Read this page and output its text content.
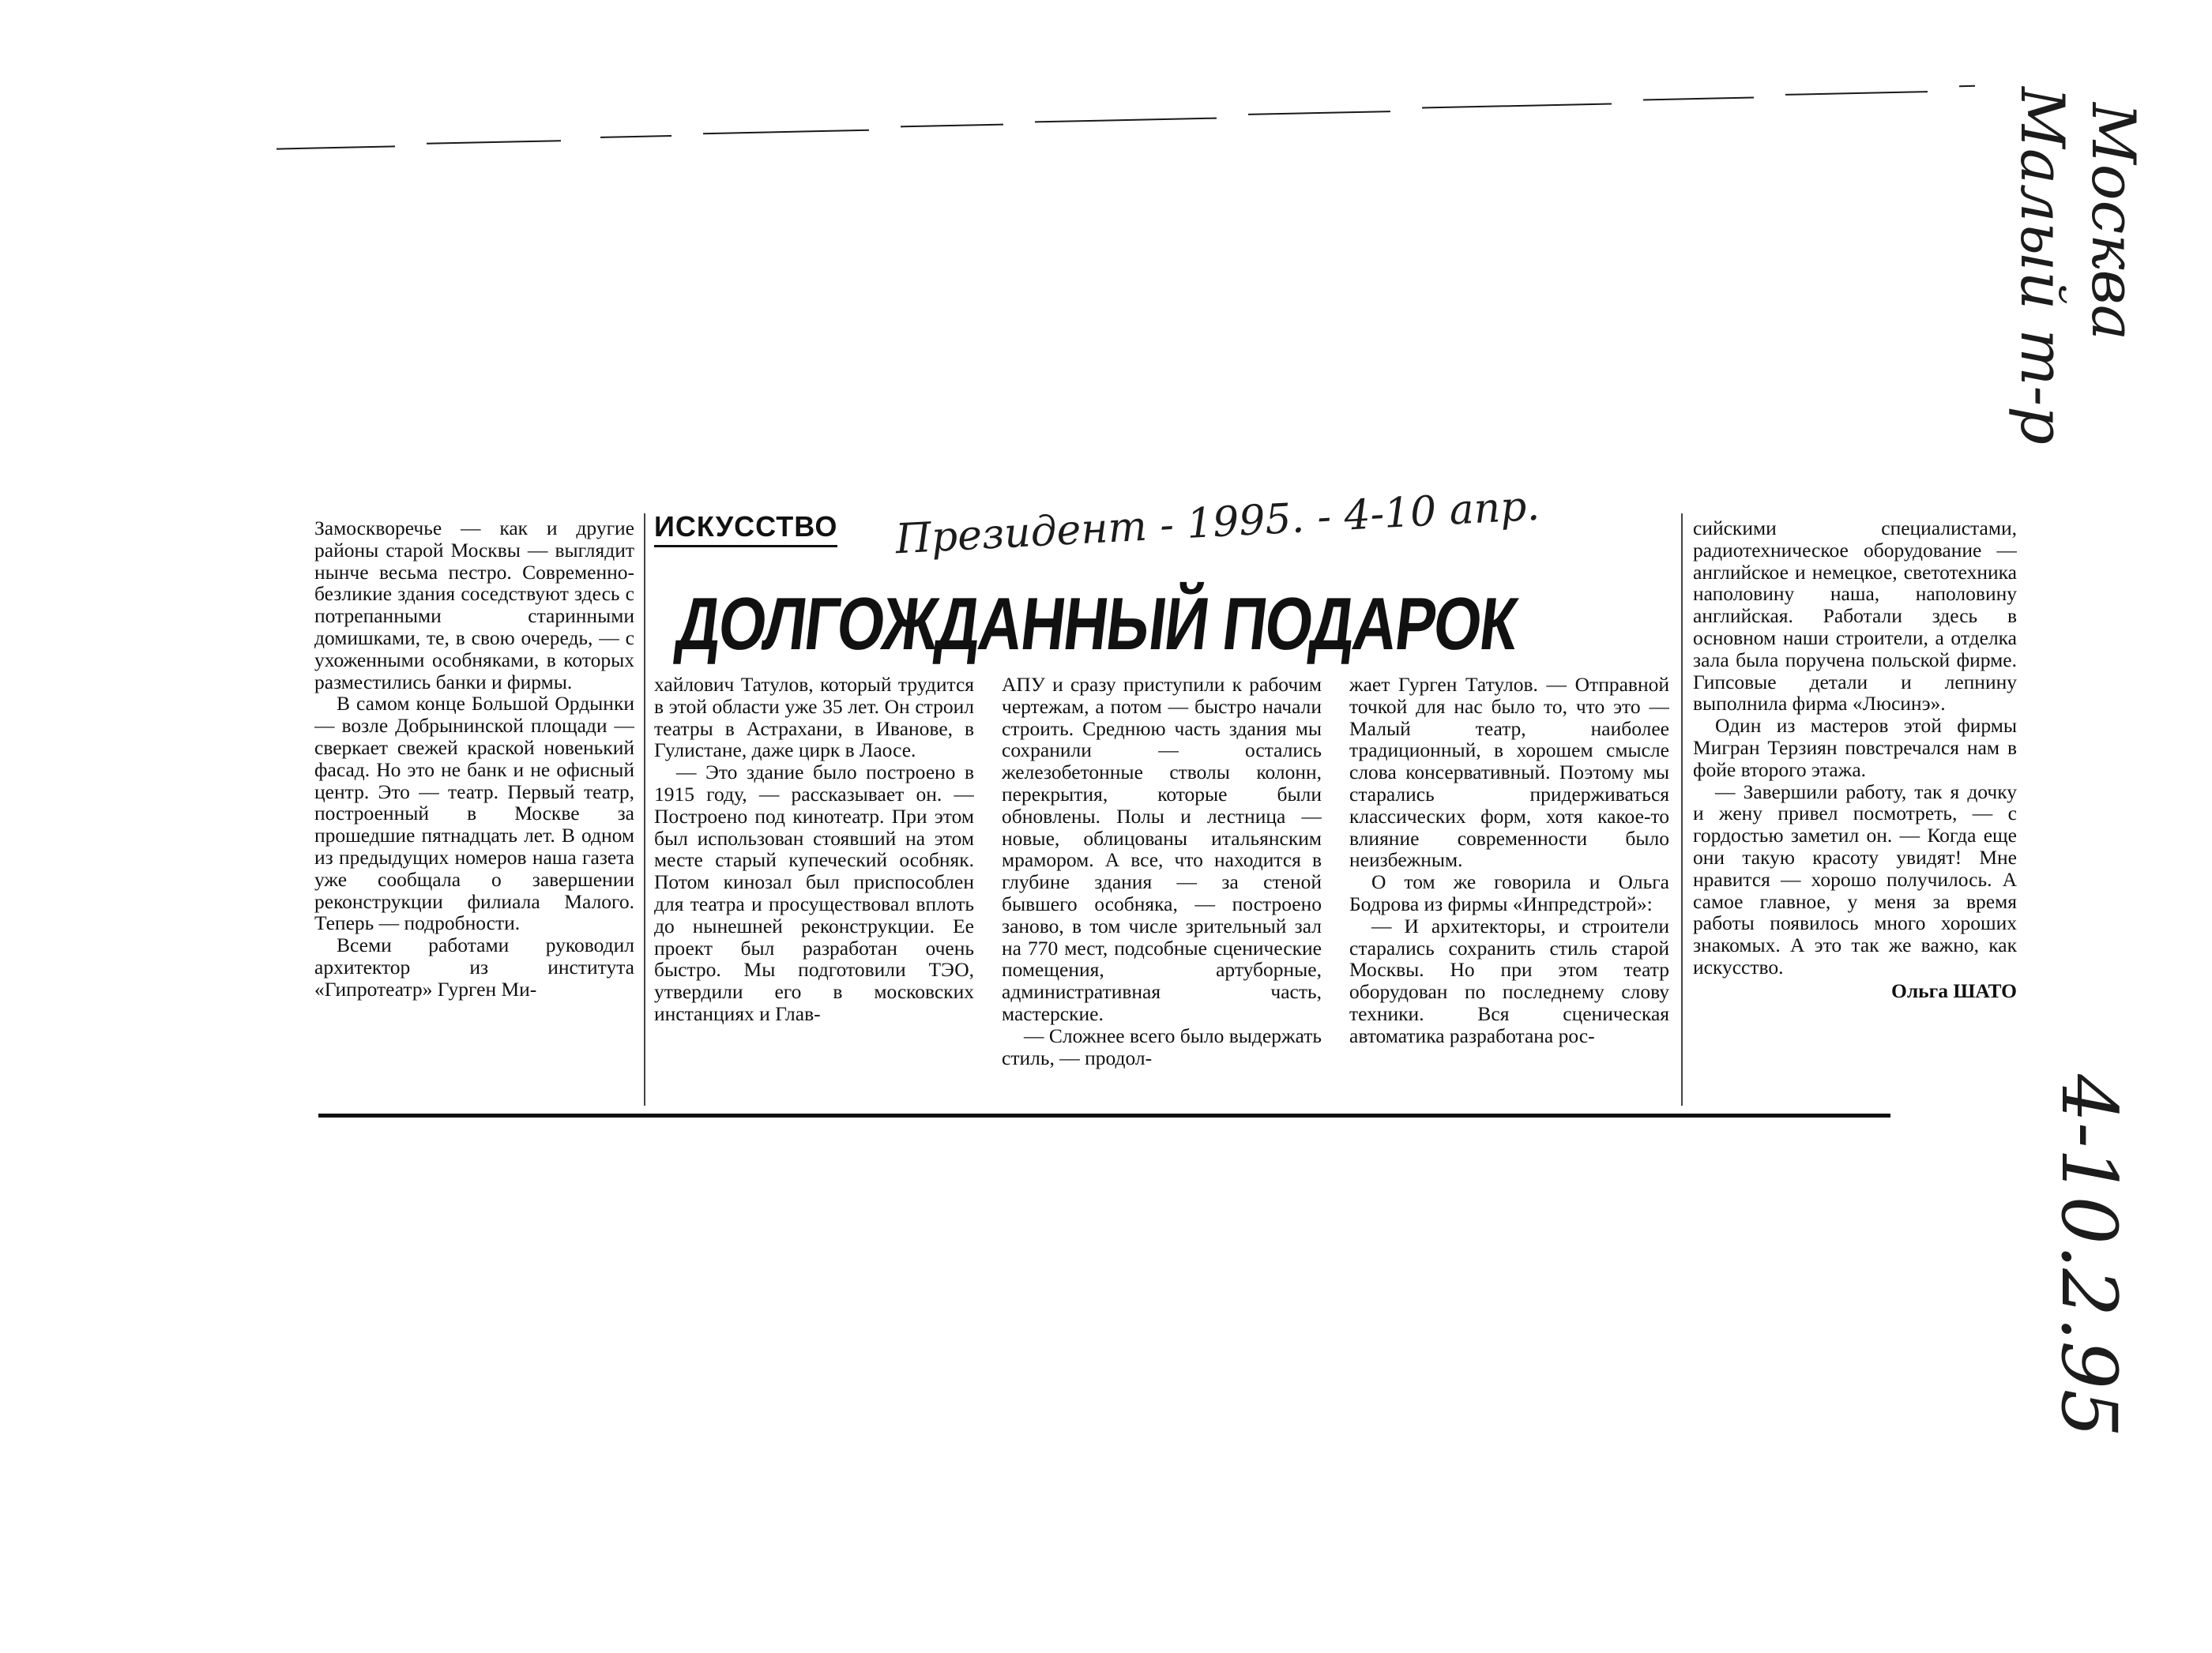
Москва
Малый т-р
4-10.2.95
ИСКУССТВО Президент - 1995. - 4-10 апр.
ДОЛГОЖДАННЫЙ ПОДАРОК

Замоскворечье — как и другие районы старой Москвы — выглядит нынче весьма пестро. Современно-безликие здания соседствуют здесь с потрепанными старинными домишками, те, в свою очередь, — с ухоженными особняками, в которых разместились банки и фирмы.

В самом конце Большой Ордынки — возле Добрынинской площади — сверкает свежей краской новенький фасад. Но это не банк и не офисный центр. Это — театр. Первый театр, построенный в Москве за прошедшие пятнадцать лет. В одном из предыдущих номеров наша газета уже сообщала о завершении реконструкции филиала Малого. Теперь — подробности.

Всеми работами руководил архитектор из института «Гипротеатр» Гурген Ми-

хайлович Татулов, который трудится в этой области уже 35 лет. Он строил театры в Астрахани, в Иванове, в Гулистане, даже цирк в Лаосе.

— Это здание было построено в 1915 году, — рассказывает он. — Построено под кинотеатр. При этом был использован стоявший на этом месте старый купеческий особняк. Потом кинозал был приспособлен для театра и просуществовал вплоть до нынешней реконструкции. Ее проект был разработан очень быстро. Мы подготовили ТЭО, утвердили его в московских инстанциях и Глав-

АПУ и сразу приступили к рабочим чертежам, а потом — быстро начали строить. Среднюю часть здания мы сохранили — остались железобетонные стволы колонн, перекрытия, которые были обновлены. Полы и лестница — новые, облицованы итальянским мрамором. А все, что находится в глубине здания — за стеной бывшего особняка, — построено заново, в том числе зрительный зал на 770 мест, подсобные сценические помещения, артуборные, административная часть, мастерские.

— Сложнее всего было выдержать стиль, — продол-

жает Гурген Татулов. — Отправной точкой для нас было то, что это — Малый театр, наиболее традиционный, в хорошем смысле слова консервативный. Поэтому мы старались придерживаться классических форм, хотя какое-то влияние современности было неизбежным.

О том же говорила и Ольга Бодрова из фирмы «Инпредстрой»:

— И архитекторы, и строители старались сохранить стиль старой Москвы. Но при этом театр оборудован по последнему слову техники. Вся сценическая автоматика разработана рос-

сийскими специалистами, радиотехническое оборудование — английское и немецкое, светотехника наполовину наша, наполовину английская. Работали здесь в основном наши строители, а отделка зала была поручена польской фирме. Гипсовые детали и лепнину выполнила фирма «Люсинэ».

Один из мастеров этой фирмы Мигран Терзиян повстречался нам в фойе второго этажа.

— Завершили работу, так я дочку и жену привел посмотреть, — с гордостью заметил он. — Когда еще они такую красоту увидят! Мне нравится — хорошо получилось. А самое главное, у меня за время работы появилось много хороших знакомых. А это так же важно, как искусство.

Ольга ШАТО
